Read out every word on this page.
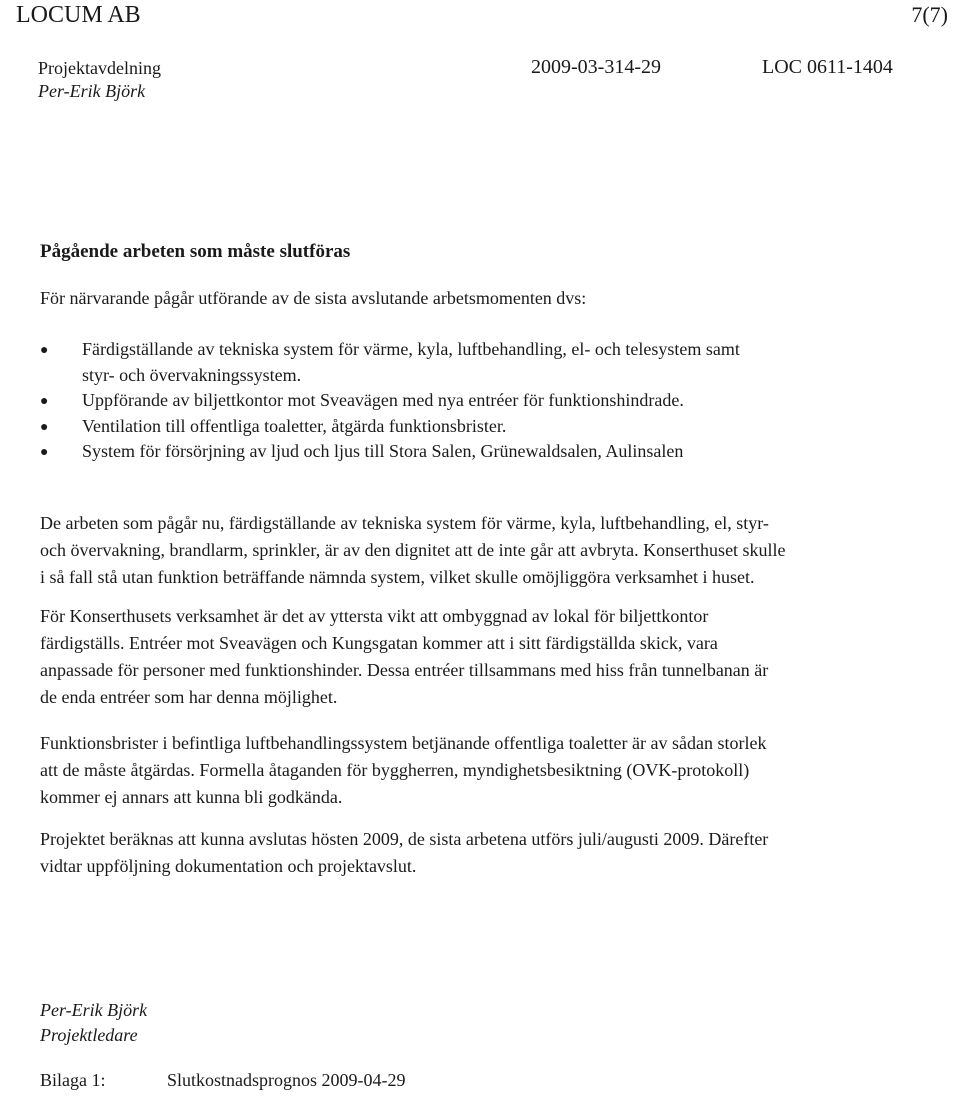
LOCUM AB	7(7)
Projektavdelning
Per-Erik Björk
2009-03-314-29	LOC 0611-1404
Pågående arbeten som måste slutföras
För närvarande pågår utförande av de sista avslutande arbetsmomenten dvs:
● Färdigställande av tekniska system för värme, kyla, luftbehandling, el- och telesystem samt
styr- och övervakningssystem.
● Uppförande av biljettkontor mot Sveavägen med nya entréer för funktionshindrade.
● Ventilation till offentliga toaletter, åtgärda funktionsbrister.
● System för försörjning av ljud och ljus till Stora Salen, Grünewaldsalen, Aulinsalen

De arbeten som pågår nu, färdigställande av tekniska system för värme, kyla, luftbehandling, el, styr-
och övervakning, brandlarm, sprinkler, är av den dignitet att de inte går att avbryta. Konserthuset skulle
i så fall stå utan funktion beträffande nämnda system, vilket skulle omöjliggöra verksamhet i huset.

För Konserthusets verksamhet är det av yttersta vikt att ombyggnad av lokal för biljettkontor
färdigställs. Entréer mot Sveavägen och Kungsgatan kommer att i sitt färdigställda skick, vara
anpassade för personer med funktionshinder. Dessa entréer tillsammans med hiss från tunnelbanan är
de enda entréer som har denna möjlighet.

Funktionsbrister i befintliga luftbehandlingssystem betjänande offentliga toaletter är av sådan storlek
att de måste åtgärdas. Formella åtaganden för byggherren, myndighetsbesiktning (OVK-protokoll)
kommer ej annars att kunna bli godkända.

Projektet beräknas att kunna avslutas hösten 2009, de sista arbetena utförs juli/augusti 2009. Därefter
vidtar uppföljning dokumentation och projektavslut.

Per-Erik Björk
Projektledare
Bilaga 1:	Slutkostnadsprognos 2009-04-29
